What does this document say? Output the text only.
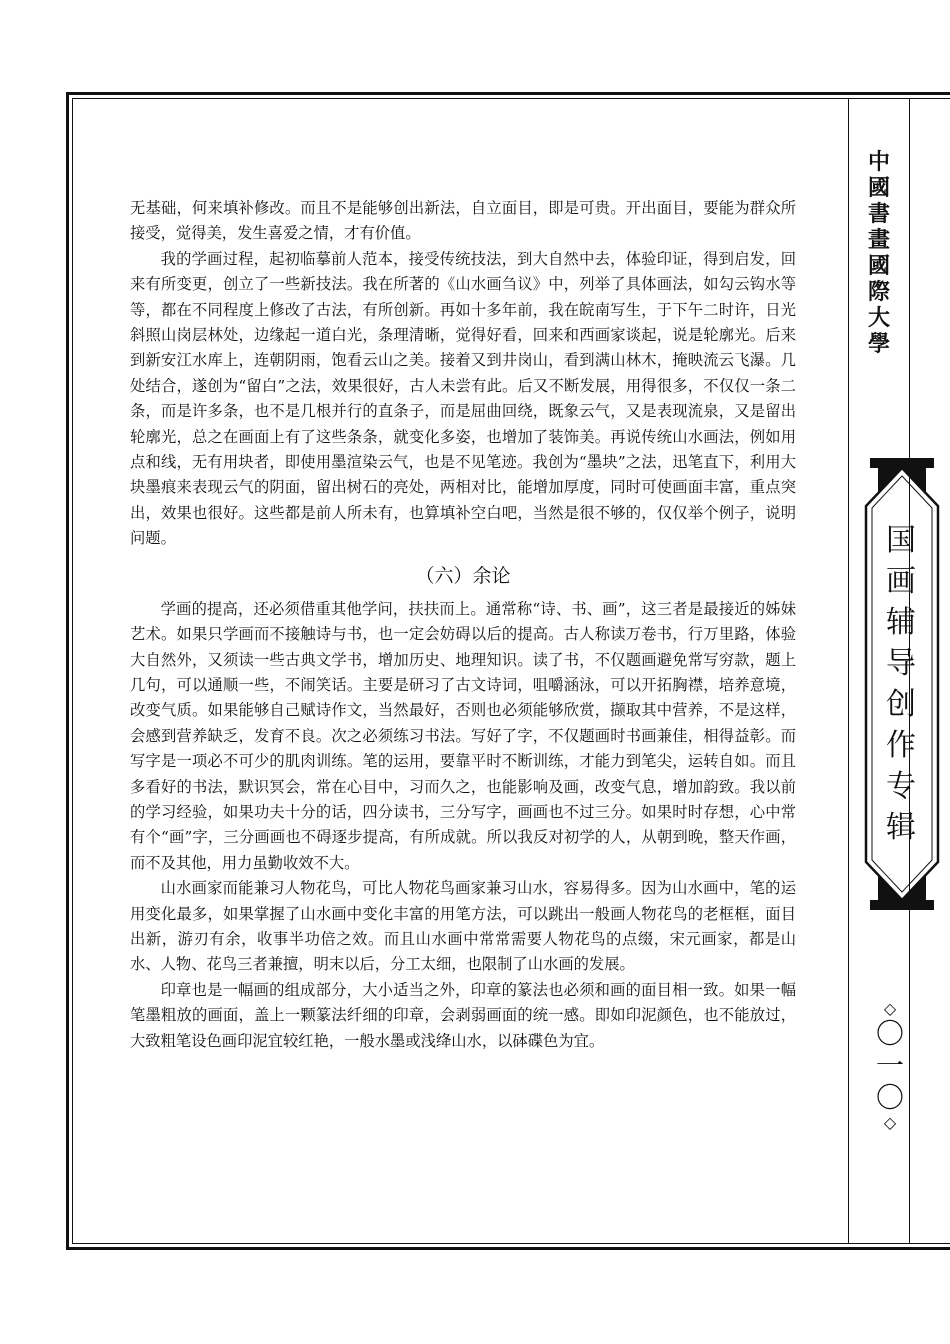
中
國
書
畫
國
際
大
學
国
画
辅
导
创
作
专
辑
◇
〇
一
〇
◇

无基础，何来填补修改。而且不是能够创出新法，自立面目，即是可贵。开出面目，要能为群众所接受，觉得美，发生喜爱之情，才有价值。

我的学画过程，起初临摹前人范本，接受传统技法，到大自然中去，体验印证，得到启发，回来有所变更，创立了一些新技法。我在所著的《山水画刍议》中，列举了具体画法，如勾云钩水等等，都在不同程度上修改了古法，有所创新。再如十多年前，我在皖南写生，于下午二时许，日光斜照山岗层林处，边缘起一道白光，条理清晰，觉得好看，回来和西画家谈起，说是轮廓光。后来到新安江水库上，连朝阴雨，饱看云山之美。接着又到井岗山，看到满山林木，掩映流云飞瀑。几处结合，遂创为“留白”之法，效果很好，古人未尝有此。后又不断发展，用得很多，不仅仅一条二条，而是许多条，也不是几根并行的直条子，而是屈曲回绕，既象云气，又是表现流泉，又是留出轮廓光，总之在画面上有了这些条条，就变化多姿，也增加了装饰美。再说传统山水画法，例如用点和线，无有用块者，即使用墨渲染云气，也是不见笔迹。我创为“墨块”之法，迅笔直下，利用大块墨痕来表现云气的阴面，留出树石的亮处，两相对比，能增加厚度，同时可使画面丰富，重点突出，效果也很好。这些都是前人所未有，也算填补空白吧，当然是很不够的，仅仅举个例子，说明问题。

（六）余论

学画的提高，还必须借重其他学问，扶扶而上。通常称“诗、书、画”，这三者是最接近的姊妹艺术。如果只学画而不接触诗与书，也一定会妨碍以后的提高。古人称读万卷书，行万里路，体验大自然外，又须读一些古典文学书，增加历史、地理知识。读了书，不仅题画避免常写穷款，题上几句，可以通顺一些，不闹笑话。主要是研习了古文诗词，咀嚼涵泳，可以开拓胸襟，培养意境，改变气质。如果能够自己赋诗作文，当然最好，否则也必须能够欣赏，撷取其中营养，不是这样，会感到营养缺乏，发育不良。次之必须练习书法。写好了字，不仅题画时书画兼佳，相得益彰。而写字是一项必不可少的肌肉训练。笔的运用，要靠平时不断训练，才能力到笔尖，运转自如。而且多看好的书法，默识冥会，常在心目中，习而久之，也能影响及画，改变气息，增加韵致。我以前的学习经验，如果功夫十分的话，四分读书，三分写字，画画也不过三分。如果时时存想，心中常有个“画”字，三分画画也不碍逐步提高，有所成就。所以我反对初学的人，从朝到晚，整天作画，而不及其他，用力虽勤收效不大。

山水画家而能兼习人物花鸟，可比人物花鸟画家兼习山水，容易得多。因为山水画中，笔的运用变化最多，如果掌握了山水画中变化丰富的用笔方法，可以跳出一般画人物花鸟的老框框，面目出新，游刃有余，收事半功倍之效。而且山水画中常常需要人物花鸟的点缀，宋元画家，都是山水、人物、花鸟三者兼擅，明末以后，分工太细，也限制了山水画的发展。

印章也是一幅画的组成部分，大小适当之外，印章的篆法也必须和画的面目相一致。如果一幅笔墨粗放的画面，盖上一颗篆法纤细的印章，会剥弱画面的统一感。即如印泥颜色，也不能放过，大致粗笔设色画印泥宜较红艳，一般水墨或浅绛山水，以砵碟色为宜。
